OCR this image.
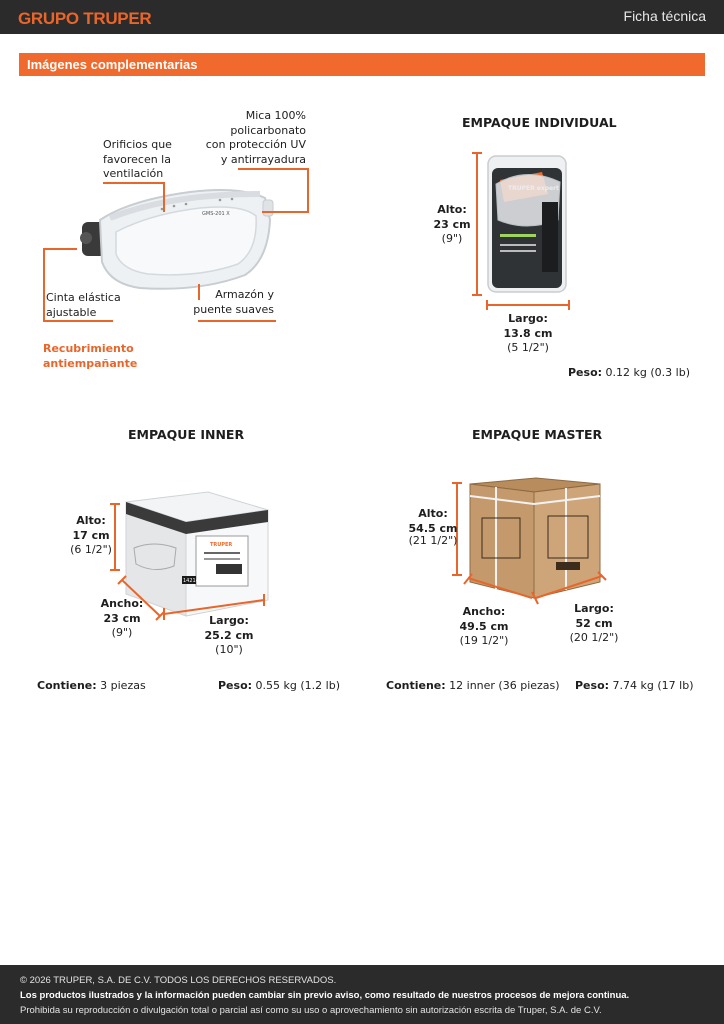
GRUPO TRUPER	Ficha técnica
Imágenes complementarias
GMS-201 X
Mica 100%
policarbonato
con protección UV
y antirrayadura
Orificios que
favorecen la
ventilación
Cinta elástica
ajustable
Armazón y
puente suaves
Recubrimiento
antiempañante
EMPAQUE INDIVIDUAL
Alto:
23 cm
(9")
Largo:
13.8 cm
(5 1/2")
Peso: 0.12 kg (0.3 lb)
EMPAQUE INNER
TRUPER
14214
Alto:
17 cm
(6 1/2")
Ancho:
23 cm
(9")
Largo:
25.2 cm
(10")
Contiene: 3 piezas	Peso: 0.55 kg (1.2 lb)
EMPAQUE MASTER
Alto:
54.5 cm
(21 1/2")
Ancho:
49.5 cm
(19 1/2")
Largo:
52 cm
(20 1/2")
Contiene: 12 inner (36 piezas) Peso: 7.74 kg (17 lb)
© 2026 TRUPER, S.A. DE C.V. TODOS LOS DERECHOS RESERVADOS.
Los productos ilustrados y la información pueden cambiar sin previo aviso, como resultado de nuestros procesos de mejora continua.
Prohibida su reproducción o divulgación total o parcial así como su uso o aprovechamiento sin autorización escrita de Truper, S.A. de C.V.
